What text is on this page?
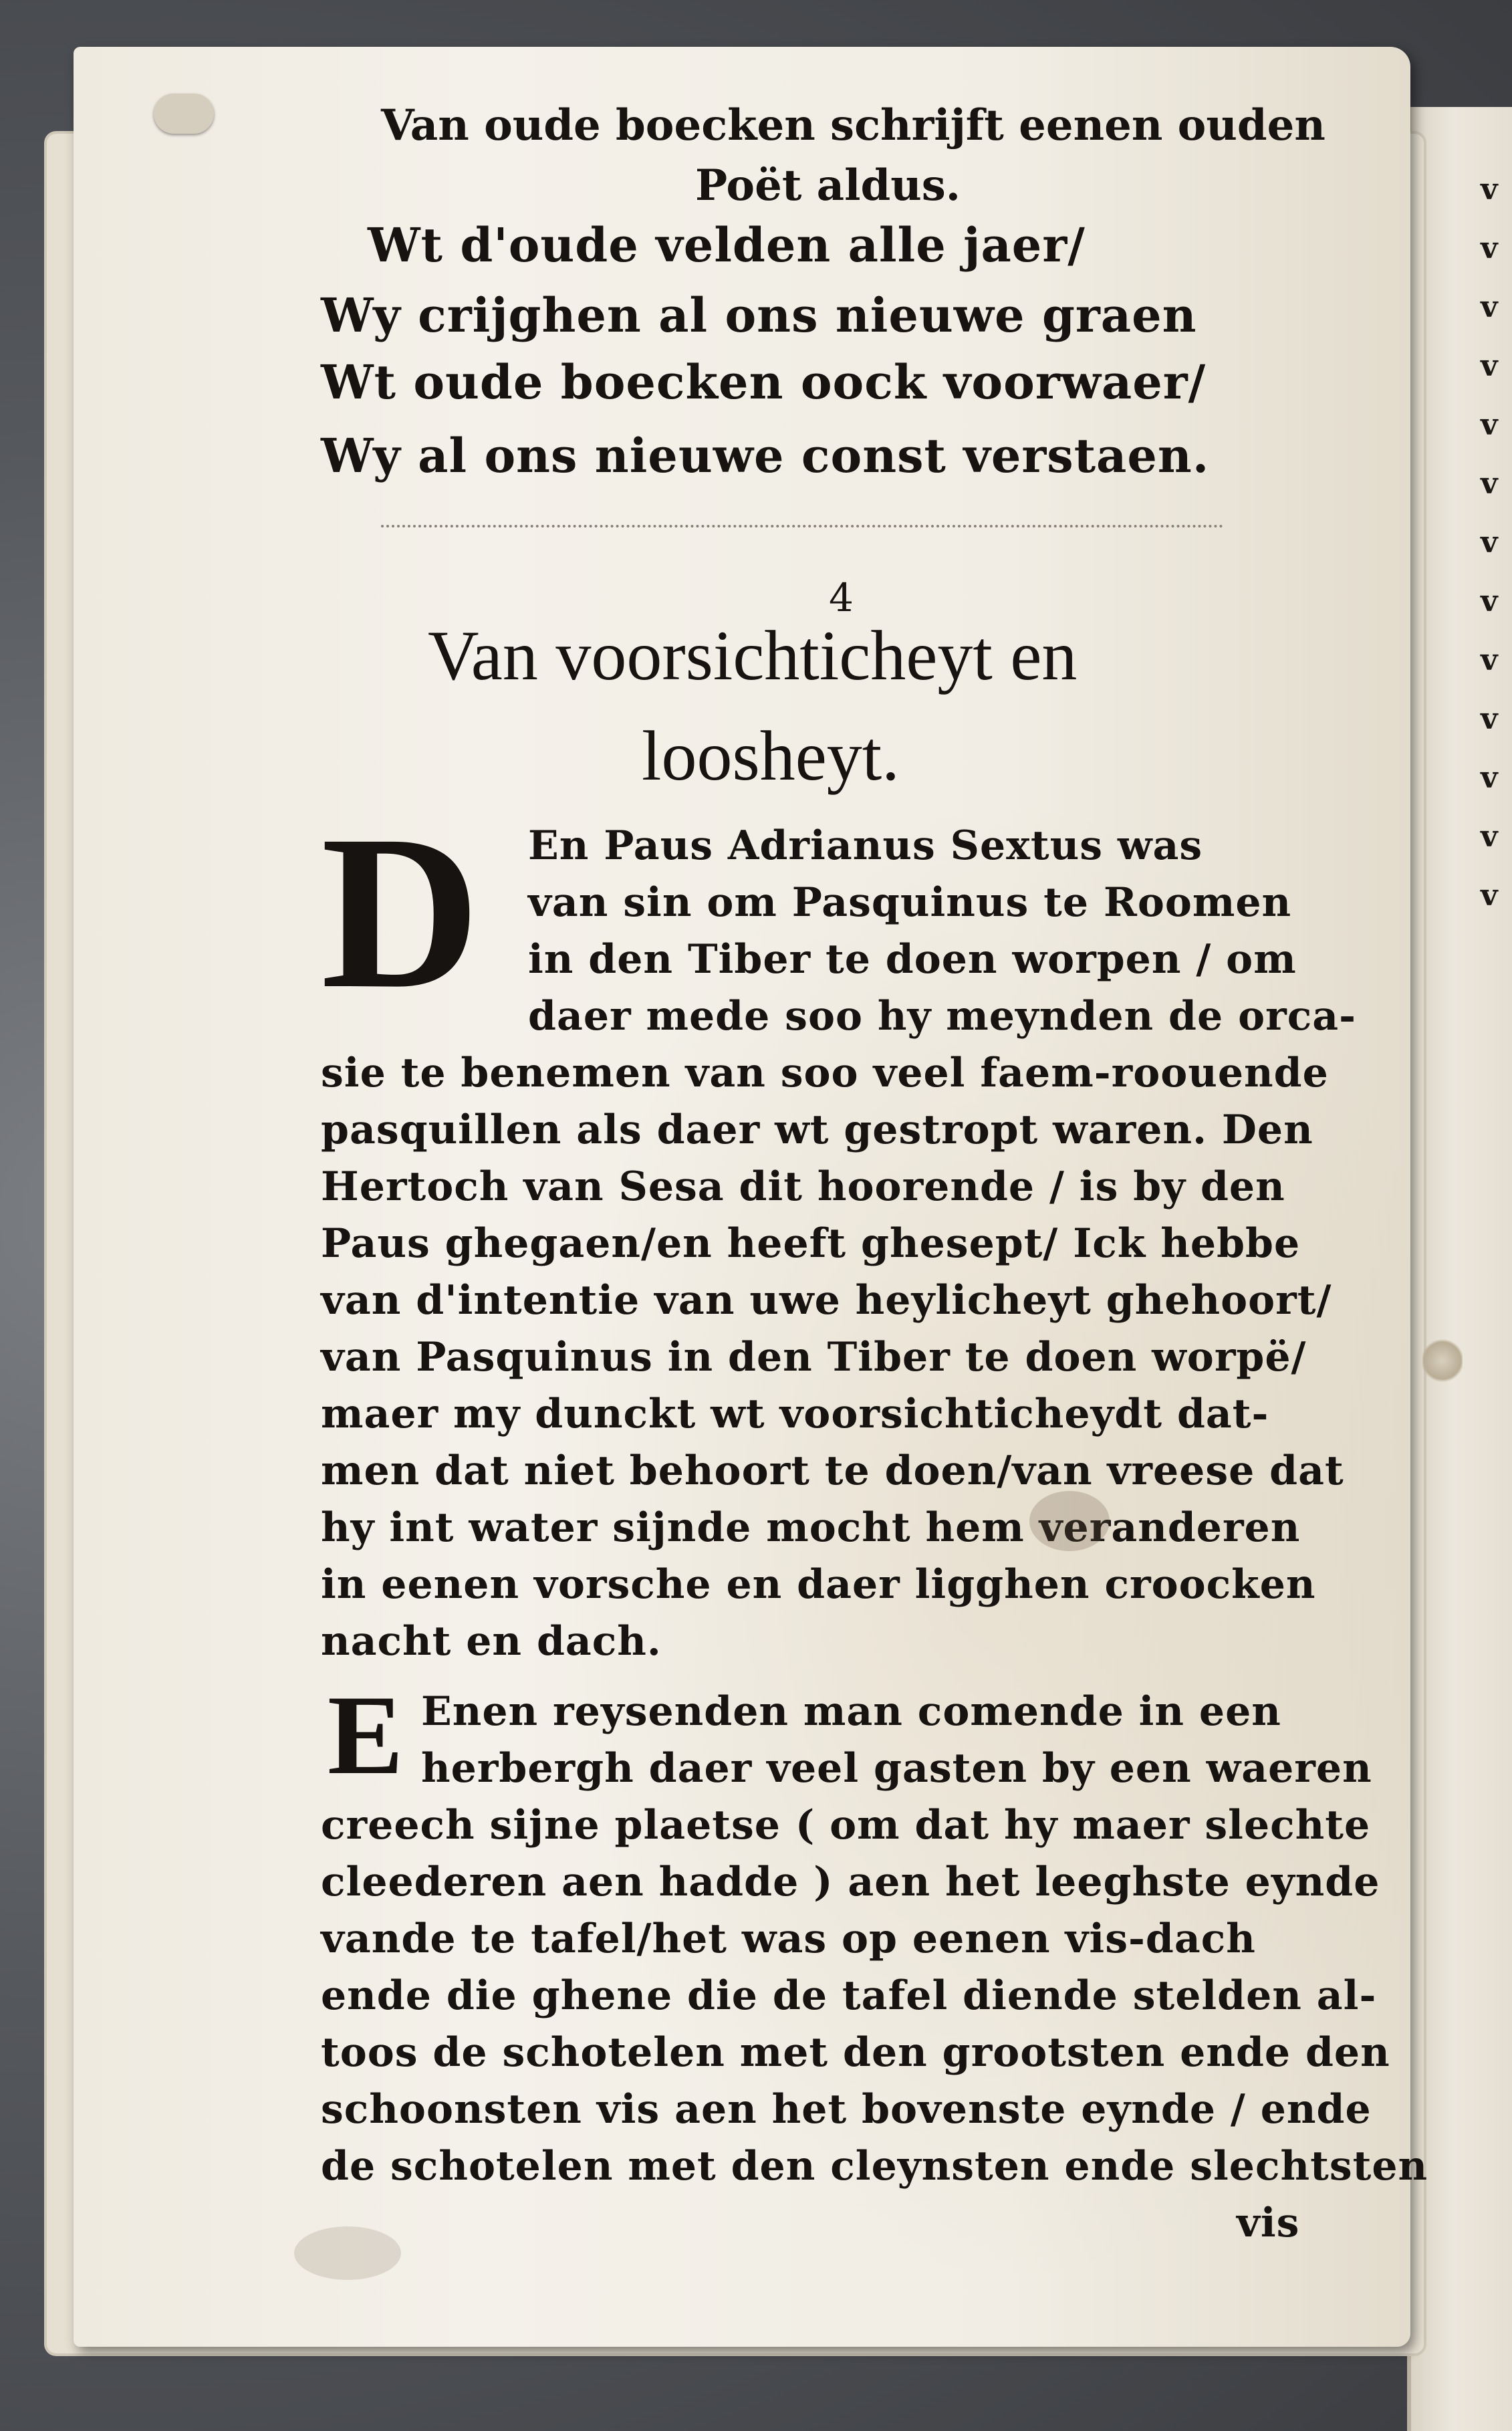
v
v
v
v
v
v
v
v
v
v
v
v
v
Van oude boecken schrijft eenen ouden
Poët aldus.
Wt d'oude velden alle jaer/
Wy crijghen al ons nieuwe graen
Wt oude boecken oock voorwaer/
Wy al ons nieuwe const verstaen.
4
Van voorsichticheyt en
loosheyt.
D En Paus Adrianus Sextus was
van sin om Pasquinus te Roomen
in den Tiber te doen worpen / om
daer mede soo hy meynden de orca-
sie te benemen van soo veel faem-roouende
pasquillen als daer wt gestropt waren. Den
Hertoch van Sesa dit hoorende / is by den
Paus ghegaen/en heeft ghesept/ Ick hebbe
van d'intentie van uwe heylicheyt ghehoort/
van Pasquinus in den Tiber te doen worpë/
maer my dunckt wt voorsichticheydt dat-
men dat niet behoort te doen/van vreese dat
hy int water sijnde mocht hem veranderen
in eenen vorsche en daer ligghen croocken
nacht en dach.
E Enen reysenden man comende in een
herbergh daer veel gasten by een waeren
creech sijne plaetse ( om dat hy maer slechte
cleederen aen hadde ) aen het leeghste eynde
vande te tafel/het was op eenen vis-dach
ende die ghene die de tafel diende stelden al-
toos de schotelen met den grootsten ende den
schoonsten vis aen het bovenste eynde / ende
de schotelen met den cleynsten ende slechtsten
vis
